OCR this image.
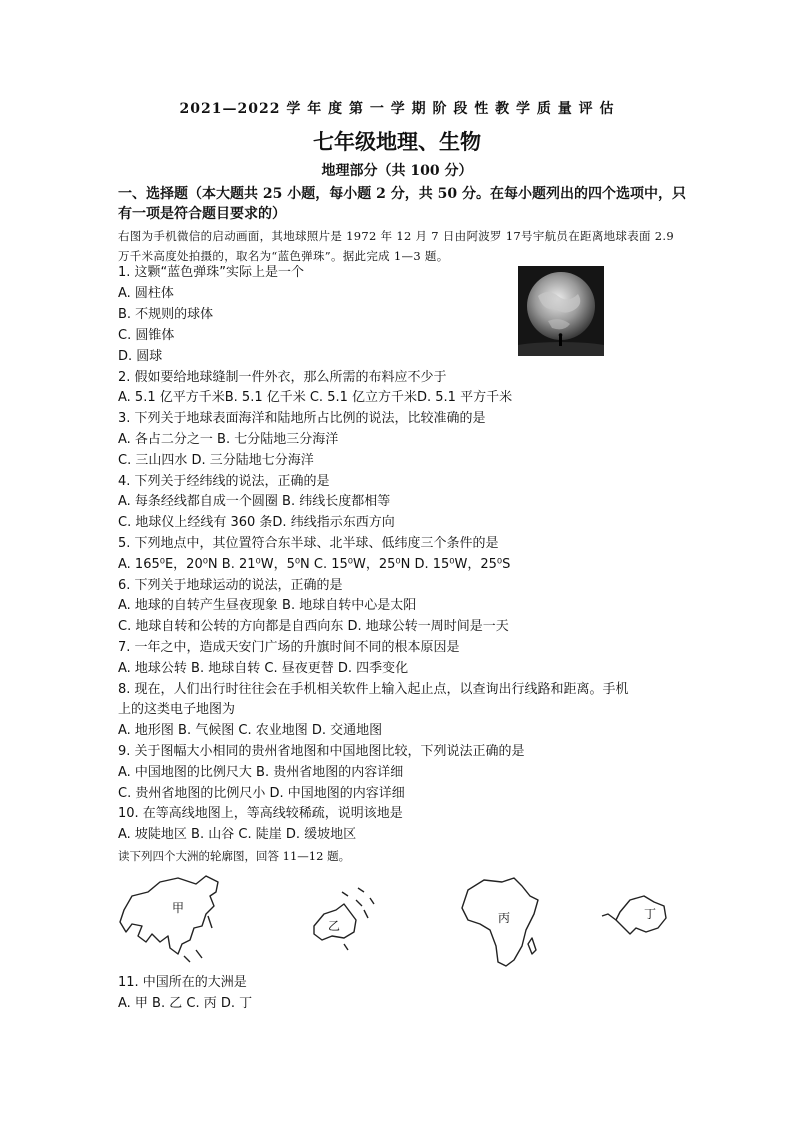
2021—2022 学 年 度 第 一 学 期 阶 段 性 教 学 质 量 评 估
七年级地理、生物
地理部分（共 100 分）
一、选择题（本大题共 25 小题，每小题 2 分，共 50 分。在每小题列出的四个选项中，只有一项是符合题目要求的）
右图为手机微信的启动画面，其地球照片是 1972 年 12 月 7 日由阿波罗 17号宇航员在距离地球表面 2.9 万千米高度处拍摄的，取名为“蓝色弹珠”。据此完成 1—3 题。
1. 这颗“蓝色弹珠”实际上是一个
A. 圆柱体
B. 不规则的球体
C. 圆锥体
D. 圆球
2. 假如要给地球缝制一件外衣，那么所需的布料应不少于
A. 5.1 亿平方千米B. 5.1 亿千米 C. 5.1 亿立方千米D. 5.1 平方千米
3. 下列关于地球表面海洋和陆地所占比例的说法，比较准确的是
A. 各占二分之一 B. 七分陆地三分海洋
C. 三山四水 D. 三分陆地七分海洋
4. 下列关于经纬线的说法，正确的是
A. 每条经线都自成一个圆圈 B. 纬线长度都相等
C. 地球仪上经线有 360 条D. 纬线指示东西方向
5. 下列地点中，其位置符合东半球、北半球、低纬度三个条件的是
A. 165⁰E，20⁰N B. 21⁰W，5⁰N C. 15⁰W，25⁰N D. 15⁰W，25⁰S
6. 下列关于地球运动的说法，正确的是
A. 地球的自转产生昼夜现象 B. 地球自转中心是太阳
C. 地球自转和公转的方向都是自西向东 D. 地球公转一周时间是一天
7. 一年之中，造成天安门广场的升旗时间不同的根本原因是
A. 地球公转 B. 地球自转 C. 昼夜更替 D. 四季变化
8. 现在，人们出行时往往会在手机相关软件上输入起止点，以查询出行线路和距离。手机
上的这类电子地图为
A. 地形图 B. 气候图 C. 农业地图 D. 交通地图
9. 关于图幅大小相同的贵州省地图和中国地图比较，下列说法正确的是
A. 中国地图的比例尺大 B. 贵州省地图的内容详细
C. 贵州省地图的比例尺小 D. 中国地图的内容详细
10. 在等高线地图上，等高线较稀疏，说明该地是
A. 坡陡地区 B. 山谷 C. 陡崖 D. 缓坡地区
读下列四个大洲的轮廓图，回答 11—12 题。
甲
乙
丙	丁
11. 中国所在的大洲是
A. 甲 B. 乙 C. 丙 D. 丁
